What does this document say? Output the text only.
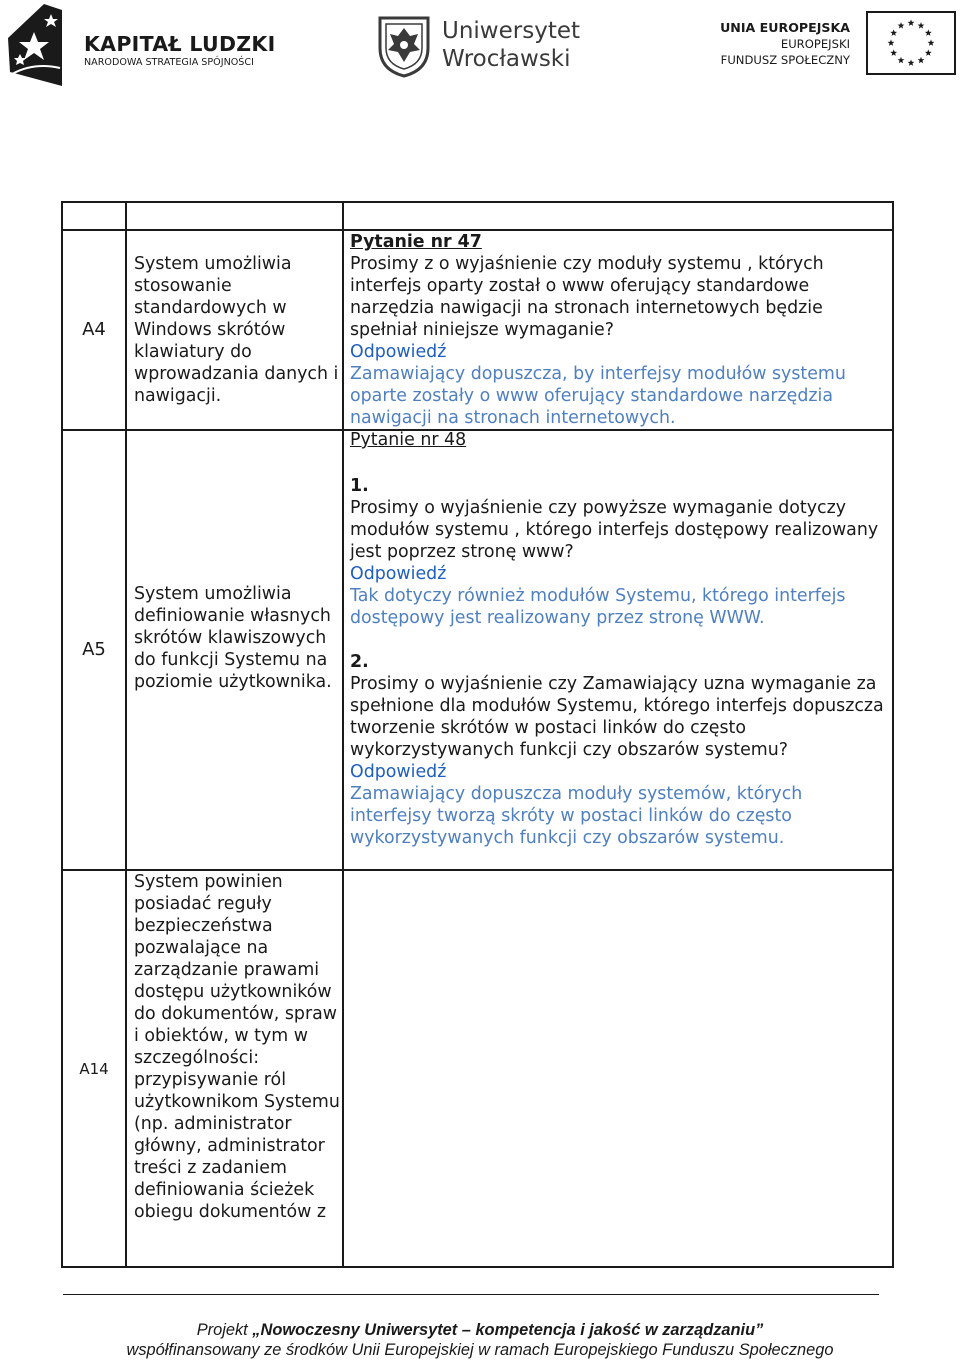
KAPITAŁ LUDZKI
NARODOWA STRATEGIA SPÓJNOŚCI
Uniwersytet
Wrocławski
UNIA EUROPEJSKA
EUROPEJSKI
FUNDUSZ SPOŁECZNY
A4
System umożliwia stosowanie standardowych w Windows skrótów klawiatury do wprowadzania danych i nawigacji.

Pytanie nr 47

Prosimy z o wyjaśnienie czy moduły systemu , których interfejs oparty został o www oferujący standardowe narzędzia nawigacji na stronach internetowych będzie spełniał niniejsze wymaganie?

Odpowiedź

Zamawiający dopuszcza, by interfejsy modułów systemu oparte zostały o www oferujący standardowe narzędzia nawigacji na stronach internetowych.

Pytanie nr 48

A5
System umożliwia definiowanie własnych skrótów klawiszowych do funkcji Systemu na poziomie użytkownika.

1.

Prosimy o wyjaśnienie czy powyższe wymaganie dotyczy modułów systemu , którego interfejs dostępowy realizowany jest poprzez stronę www?

Odpowiedź

Tak dotyczy również modułów Systemu, którego interfejs dostępowy jest realizowany przez stronę WWW.

2.

Prosimy o wyjaśnienie czy Zamawiający uzna wymaganie za spełnione dla modułów Systemu, którego interfejs dopuszcza tworzenie skrótów w postaci linków do często wykorzystywanych funkcji czy obszarów systemu?

Odpowiedź

Zamawiający dopuszcza moduły systemów, których interfejsy tworzą skróty w postaci linków do często wykorzystywanych funkcji czy obszarów systemu.

A14
System powinien posiadać reguły bezpieczeństwa pozwalające na zarządzanie prawami dostępu użytkowników do dokumentów, spraw i obiektów, w tym w szczególności: przypisywanie ról użytkownikom Systemu (np. administrator główny, administrator treści z zadaniem definiowania ścieżek obiegu dokumentów z
Projekt „Nowoczesny Uniwersytet – kompetencja i jakość w zarządzaniu”
współfinansowany ze środków Unii Europejskiej w ramach Europejskiego Funduszu Społecznego
